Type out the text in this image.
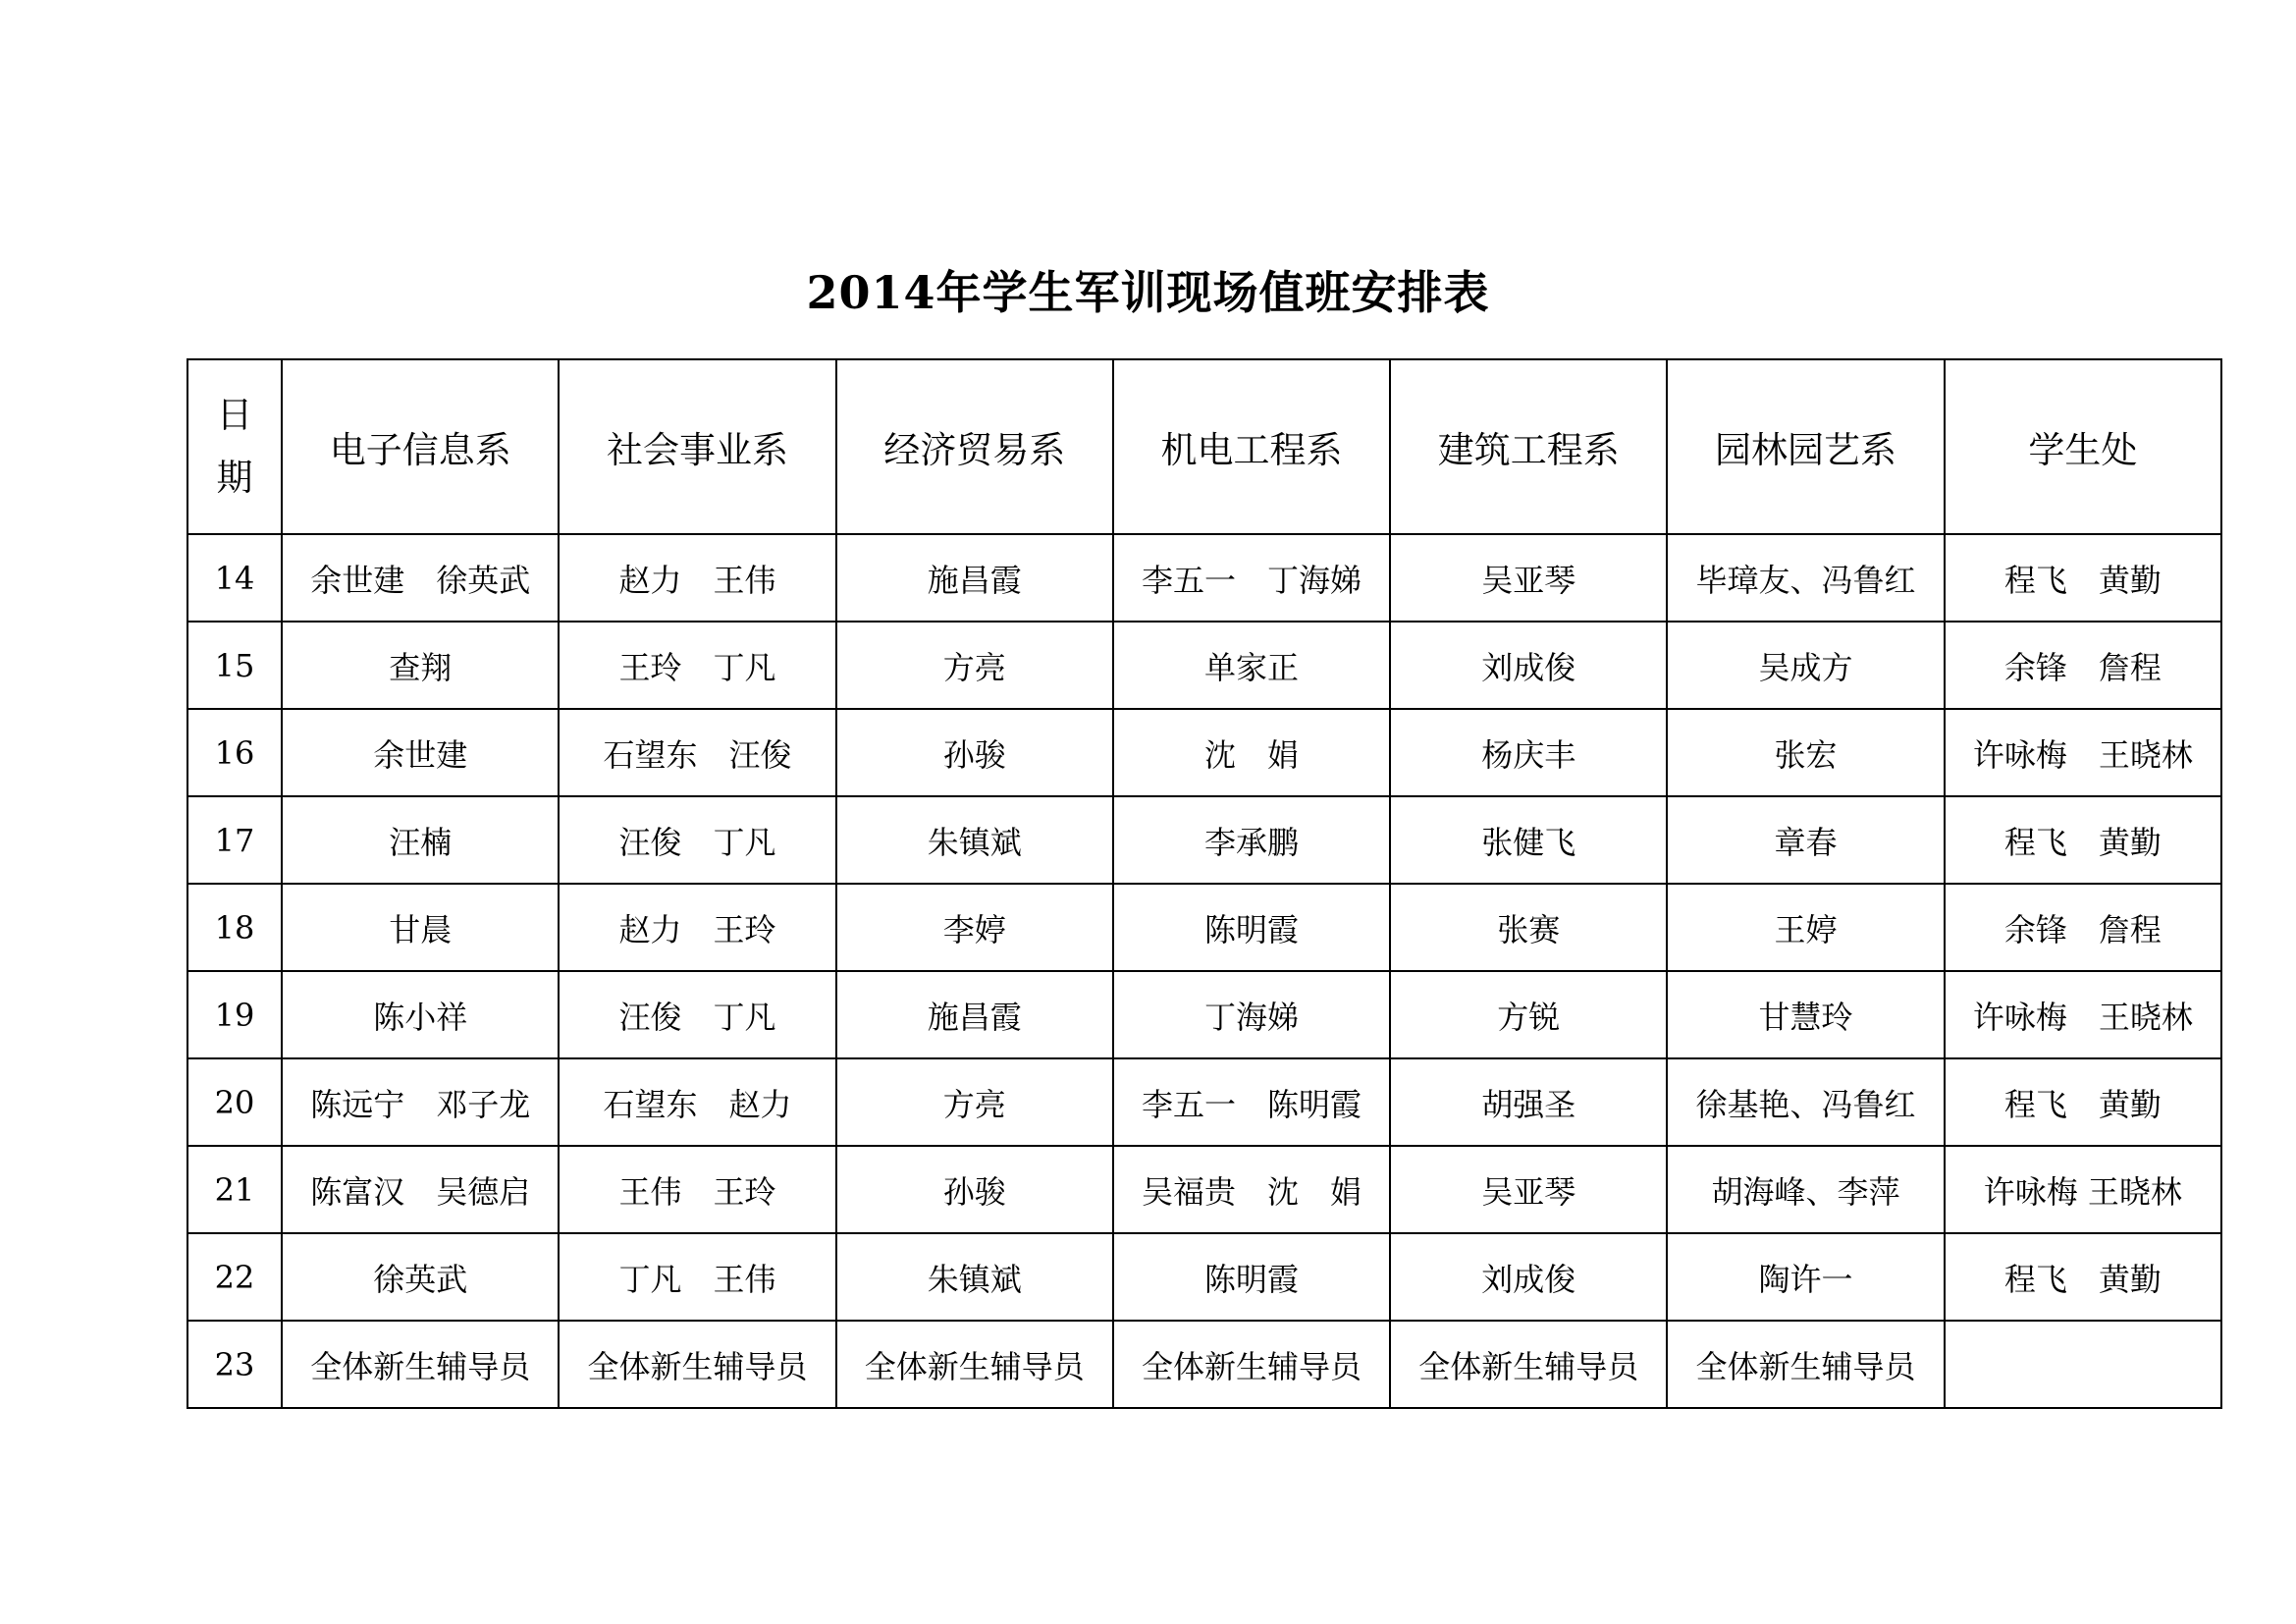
2014年学生军训现场值班安排表
日
期	电子信息系	社会事业系	经济贸易系	机电工程系	建筑工程系	园林园艺系	学生处
14	余世建　徐英武	赵力　王伟	施昌霞	李五一　丁海娣	吴亚琴	毕璋友、冯鲁红	程飞　黄勤
15	查翔	王玲　丁凡	方亮	单家正	刘成俊	吴成方	余锋　詹程
16	余世建	石望东　汪俊	孙骏	沈　娟	杨庆丰	张宏	许咏梅　王晓林
17	汪楠	汪俊　丁凡	朱镇斌	李承鹏	张健飞	章春	程飞　黄勤
18	甘晨	赵力　王玲	李婷	陈明霞	张赛	王婷	余锋　詹程
19	陈小祥	汪俊　丁凡	施昌霞	丁海娣	方锐	甘慧玲	许咏梅　王晓林
20	陈远宁　邓子龙	石望东　赵力	方亮	李五一　陈明霞	胡强圣	徐基艳、冯鲁红	程飞　黄勤
21	陈富汉　吴德启	王伟　王玲	孙骏	吴福贵　沈　娟	吴亚琴	胡海峰、李萍	许咏梅 王晓林
22	徐英武	丁凡　王伟	朱镇斌	陈明霞	刘成俊	陶许一	程飞　黄勤
23	全体新生辅导员	全体新生辅导员	全体新生辅导员	全体新生辅导员	全体新生辅导员	全体新生辅导员	
